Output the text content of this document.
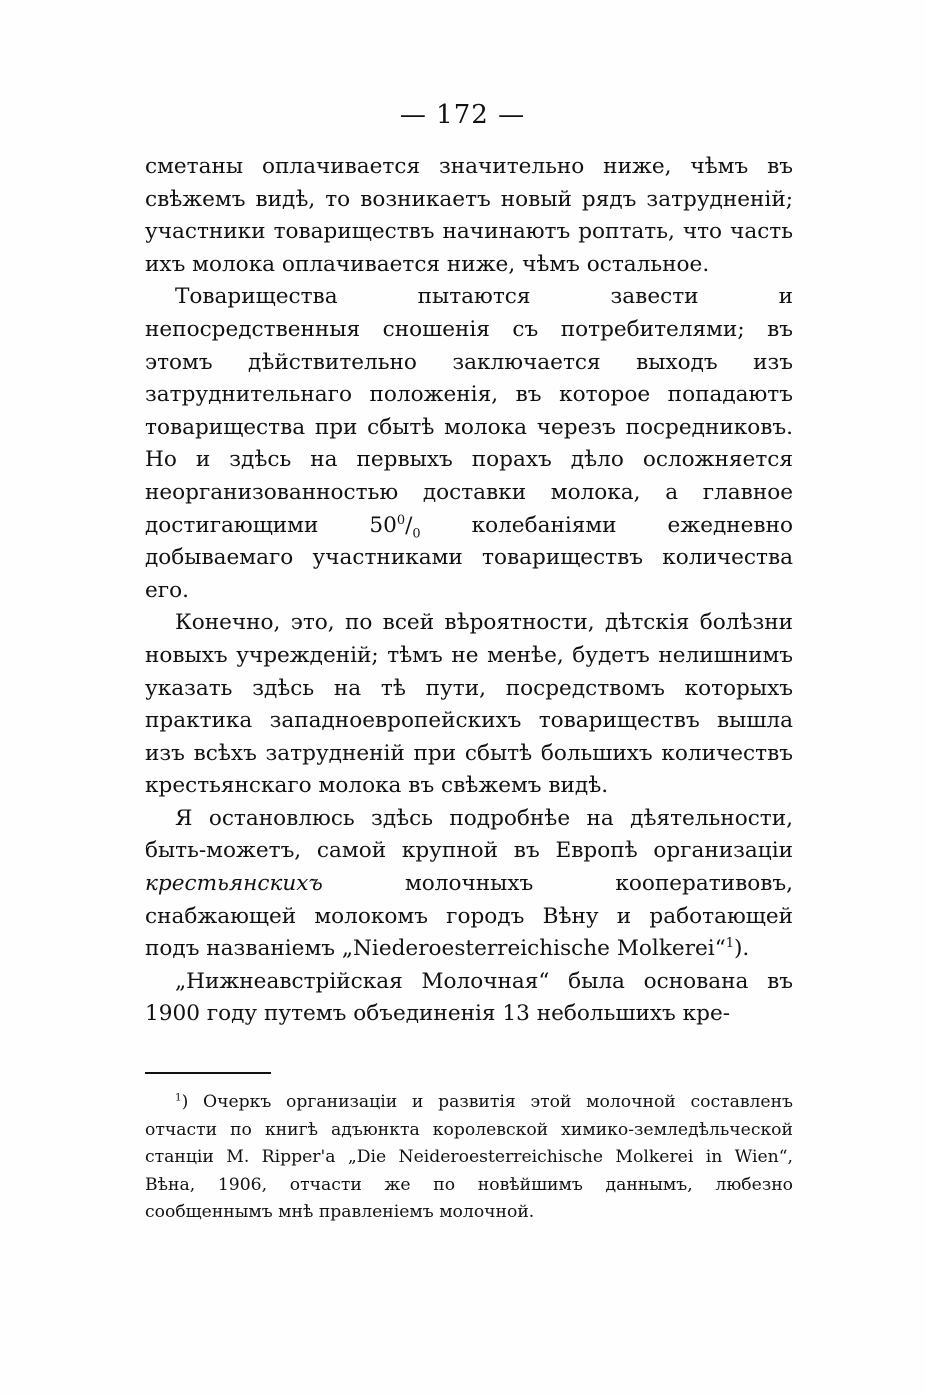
— 172 —

сметаны оплачивается значительно ниже, чѣмъ въ свѣжемъ видѣ, то возникаетъ новый рядъ затрудненій; участники товариществъ начинаютъ роптать, что часть ихъ молока оплачивается ниже, чѣмъ остальное.

Товарищества пытаются завести и непосредственныя сношенія съ потребителями; въ этомъ дѣйствительно заключается выходъ изъ затруднительнаго положенія, въ которое попадаютъ товарищества при сбытѣ молока черезъ посредниковъ. Но и здѣсь на первыхъ порахъ дѣло осложняется неорганизованностью доставки молока, а главное достигающими $50^0/_0$ колебаніями ежедневно добываемаго участниками товариществъ количества его.

Конечно, это, по всей вѣроятности, дѣтскія болѣзни новыхъ учрежденій; тѣмъ не менѣе, будетъ нелишнимъ указать здѣсь на тѣ пути, посредствомъ которыхъ практика западноевропейскихъ товариществъ вышла изъ всѣхъ затрудненій при сбытѣ большихъ количествъ крестьянскаго молока въ свѣжемъ видѣ.

Я остановлюсь здѣсь подробнѣе на дѣятельности, быть-можетъ, самой крупной въ Европѣ организаціи крестьянскихъ молочныхъ кооперативовъ, снабжающей молокомъ городъ Вѣну и работающей подъ названіемъ „Niederoesterreichische Molkerei“$^1$).

„Нижнеавстрійская Молочная“ была основана въ 1900 году путемъ объединенія 13 небольшихъ кре-

$^1$) Очеркъ организаціи и развитія этой молочной составленъ отчасти по книгѣ адъюнкта королевской химико-земледѣльческой станціи M. Ripper'а „Die Neideroesterreichische Molkerei in Wien“, Вѣна, 1906, отчасти же по новѣйшимъ даннымъ, любезно сообщеннымъ мнѣ правленіемъ молочной.
